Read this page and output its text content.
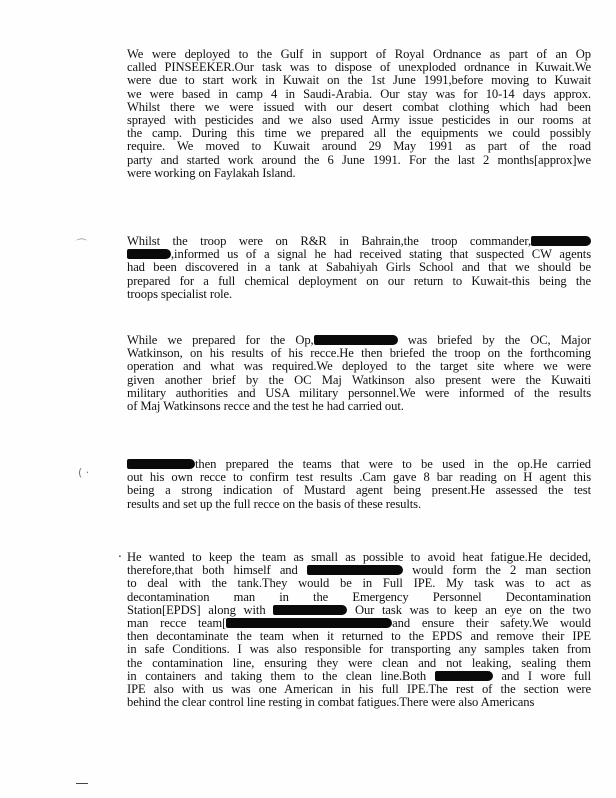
We were deployed to the Gulf in support of Royal Ordnance as part of an Op
called PINSEEKER.Our task was to dispose of unexploded ordnance in Kuwait.We
were due to start work in Kuwait on the 1st June 1991,before moving to Kuwait
we were based in camp 4 in Saudi-Arabia. Our stay was for 10-14 days approx.
Whilst there we were issued with our desert combat clothing which had been
sprayed with pesticides and we also used Army issue pesticides in our rooms at
the camp. During this time we prepared all the equipments we could possibly
require. We moved to Kuwait around 29 May 1991 as part of the road
party and started work around the 6 June 1991. For the last 2 months[approx]we
were working on Faylakah Island.
Whilst the troop were on R&R in Bahrain,the troop commander,
,informed us of a signal he had received stating that suspected CW agents
had been discovered in a tank at Sabahiyah Girls School and that we should be
prepared for a full chemical deployment on our return to Kuwait-this being the
troops specialist role.
While we prepared for the Op,	was briefed by the OC, Major
Watkinson, on his results of his recce.He then briefed the troop on the forthcoming
operation and what was required.We deployed to the target site where we were
given another brief by the OC Maj Watkinson also present were the Kuwaiti
military authorities and USA military personnel.We were informed of the results
of Maj Watkinsons recce and the test he had carried out.
then prepared the teams that were to be used in the op.He carried
out his own recce to confirm test results .Cam gave 8 bar reading on H agent this
being a strong indication of Mustard agent being present.He assessed the test
results and set up the full recce on the basis of these results.
He wanted to keep the team as small as possible to avoid heat fatigue.He decided,
therefore,that both himself and	would form the 2 man section
to deal with the tank.They would be in Full IPE. My task was to act as
decontamination man in the Emergency Personnel Decontamination
Station[EPDS] along with	Our task was to keep an eye on the two
man recce team[	and ensure their safety.We would
then decontaminate the team when it returned to the EPDS and remove their IPE
in safe Conditions. I was also responsible for transporting any samples taken from
the contamination line, ensuring they were clean and not leaking, sealing them
in containers and taking them to the clean line.Both	and I wore full
IPE also with us was one American in his full IPE.The rest of the section were
behind the clear control line resting in combat fatigues.There were also Americans
⌒
( ·
.
